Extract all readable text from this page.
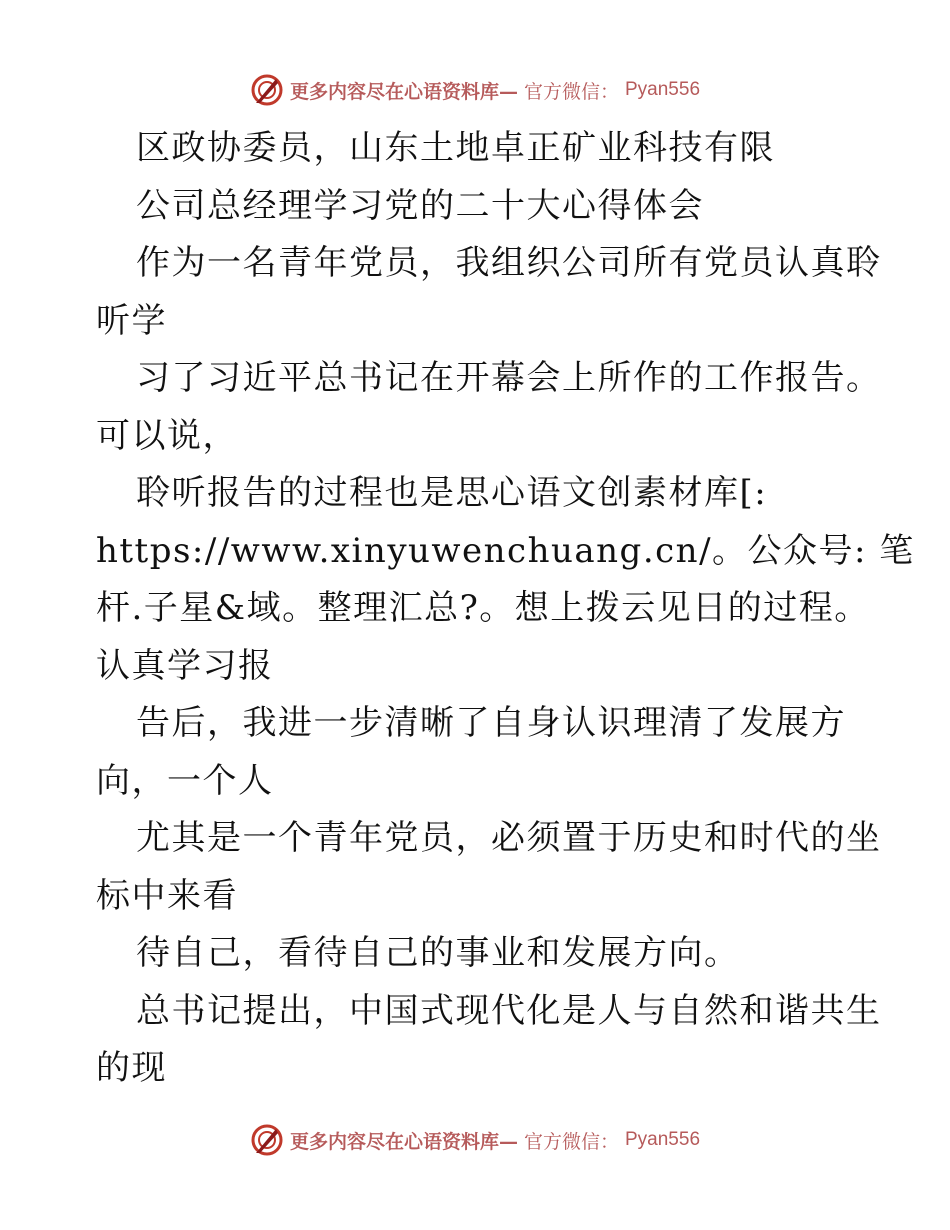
更多内容尽在心语资料库— 官方微信： Pyan556
区政协委员，山东土地卓正矿业科技有限
公司总经理学习党的二十大心得体会
作为一名青年党员，我组织公司所有党员认真聆
听学
习了习近平总书记在开幕会上所作的工作报告。
可以说，
聆听报告的过程也是思心语文创素材库[:
https://www.xinyuwenchuang.cn/。公众号: 笔
杆.子星&域。整理汇总?。想上拨云见日的过程。
认真学习报
告后，我进一步清晰了自身认识理清了发展方
向，一个人
尤其是一个青年党员，必须置于历史和时代的坐
标中来看
待自己，看待自己的事业和发展方向。
总书记提出，中国式现代化是人与自然和谐共生
的现
更多内容尽在心语资料库— 官方微信： Pyan556
